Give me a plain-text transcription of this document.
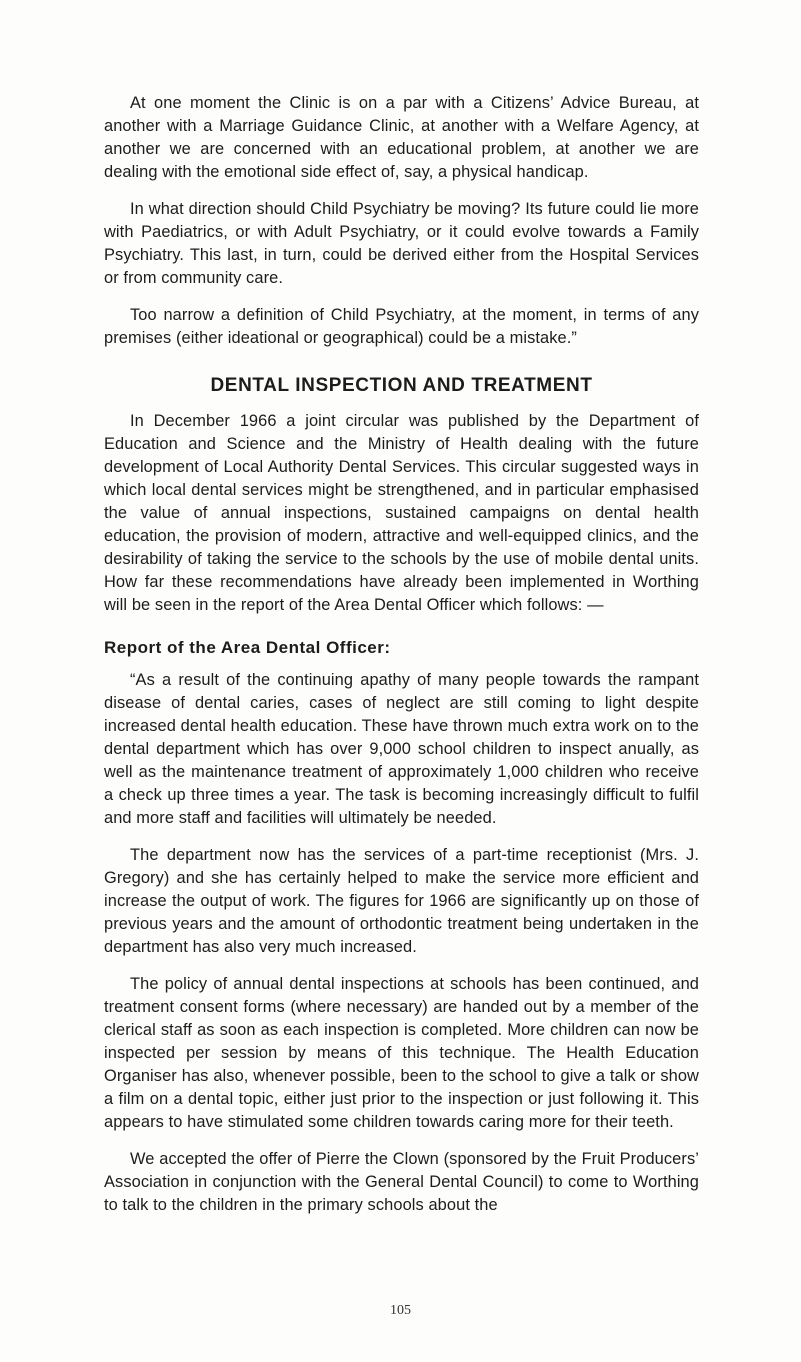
At one moment the Clinic is on a par with a Citizens’ Advice Bureau, at another with a Marriage Guidance Clinic, at another with a Welfare Agency, at another we are concerned with an educational problem, at another we are dealing with the emotional side effect of, say, a physical handicap.

In what direction should Child Psychiatry be moving? Its future could lie more with Paediatrics, or with Adult Psychiatry, or it could evolve towards a Family Psychiatry. This last, in turn, could be derived either from the Hospital Services or from community care.

Too narrow a definition of Child Psychiatry, at the moment, in terms of any premises (either ideational or geographical) could be a mistake.”

DENTAL INSPECTION AND TREATMENT

In December 1966 a joint circular was published by the Department of Education and Science and the Ministry of Health dealing with the future development of Local Authority Dental Services. This circular suggested ways in which local dental services might be strengthened, and in particular emphasised the value of annual inspections, sustained campaigns on dental health education, the provision of modern, attractive and well-equipped clinics, and the desirability of taking the service to the schools by the use of mobile dental units. How far these recommendations have already been implemented in Worthing will be seen in the report of the Area Dental Officer which follows: —

Report of the Area Dental Officer:

“As a result of the continuing apathy of many people towards the rampant disease of dental caries, cases of neglect are still coming to light despite increased dental health education. These have thrown much extra work on to the dental department which has over 9,000 school children to inspect anually, as well as the maintenance treatment of approximately 1,000 children who receive a check up three times a year. The task is becoming increasingly difficult to fulfil and more staff and facilities will ultimately be needed.

The department now has the services of a part-time receptionist (Mrs. J. Gregory) and she has certainly helped to make the service more efficient and increase the output of work. The figures for 1966 are significantly up on those of previous years and the amount of orthodontic treatment being undertaken in the department has also very much increased.

The policy of annual dental inspections at schools has been continued, and treatment consent forms (where necessary) are handed out by a member of the clerical staff as soon as each inspection is completed. More children can now be inspected per session by means of this technique. The Health Education Organiser has also, whenever possible, been to the school to give a talk or show a film on a dental topic, either just prior to the inspection or just following it. This appears to have stimulated some children towards caring more for their teeth.

We accepted the offer of Pierre the Clown (sponsored by the Fruit Producers’ Association in conjunction with the General Dental Council) to come to Worthing to talk to the children in the primary schools about the

105
